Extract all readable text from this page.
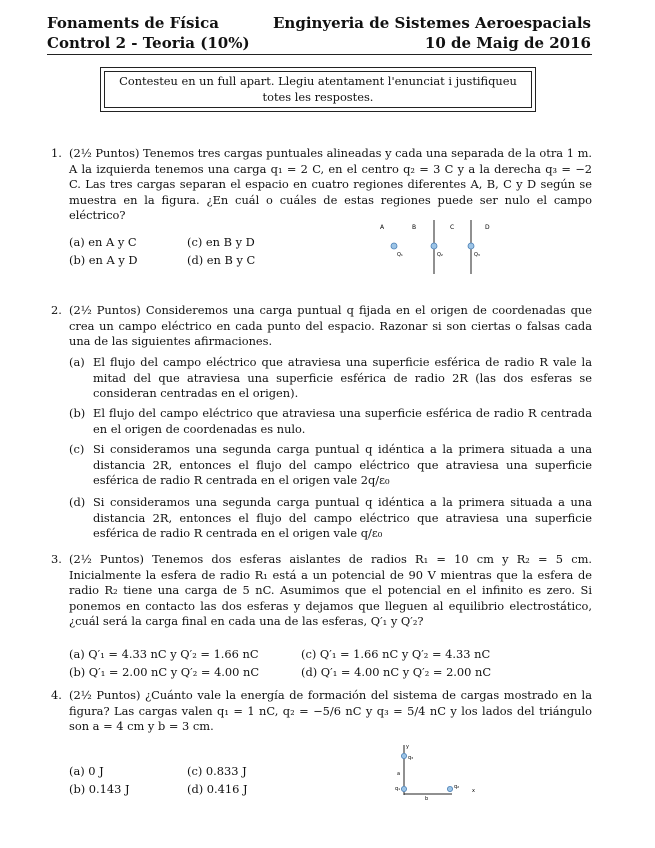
Fonaments de Física
Control 2 - Teoria (10%)
Enginyeria de Sistemes Aeroespacials
10 de Maig de 2016
Contesteu en un full apart. Llegiu atentament l'enunciat i justifiqueu totes les respostes.
1. (2½ Puntos) Tenemos tres cargas puntuales alineadas y cada una separada de la otra 1 m. A la izquierda tenemos una carga q₁ = 2 C, en el centro q₂ = 3 C y a la derecha q₃ = −2 C. Las tres cargas separan el espacio en cuatro regiones diferentes A, B, C y D según se muestra en la figura. ¿En cuál o cuáles de estas regiones puede ser nulo el campo eléctrico?
(a) en A y C	(c) en B y D
(b) en A y D	(d) en B y C
A	B	C	D
Q₁	Q₂	Q₃
2. (2½ Puntos) Consideremos una carga puntual q fijada en el origen de coordenadas que crea un campo eléctrico en cada punto del espacio. Razonar si son ciertas o falsas cada una de las siguientes afirmaciones.
(a) El flujo del campo eléctrico que atraviesa una superficie esférica de radio R vale la mitad del que atraviesa una superficie esférica de radio 2R (las dos esferas se consideran centradas en el origen).
(b) El flujo del campo eléctrico que atraviesa una superficie esférica de radio R centrada en el origen de coordenadas es nulo.
(c) Si consideramos una segunda carga puntual q idéntica a la primera situada a una distancia 2R, entonces el flujo del campo eléctrico que atraviesa una superficie esférica de radio R centrada en el origen vale 2q/ε₀
(d) Si consideramos una segunda carga puntual q idéntica a la primera situada a una distancia 2R, entonces el flujo del campo eléctrico que atraviesa una superficie esférica de radio R centrada en el origen vale q/ε₀
3. (2½ Puntos) Tenemos dos esferas aislantes de radios R₁ = 10 cm y R₂ = 5 cm. Inicialmente la esfera de radio R₁ está a un potencial de 90 V mientras que la esfera de radio R₂ tiene una carga de 5 nC. Asumimos que el potencial en el infinito es zero. Si ponemos en contacto las dos esferas y dejamos que lleguen al equilibrio electrostático, ¿cuál será la carga final en cada una de las esferas, Q′₁ y Q′₂?
(a) Q′₁ = 4.33 nC y Q′₂ = 1.66 nC	(c) Q′₁ = 1.66 nC y Q′₂ = 4.33 nC
(b) Q′₁ = 2.00 nC y Q′₂ = 4.00 nC	(d) Q′₁ = 4.00 nC y Q′₂ = 2.00 nC
4. (2½ Puntos) ¿Cuánto vale la energía de formación del sistema de cargas mostrado en la figura? Las cargas valen q₁ = 1 nC, q₂ = −5/6 nC y q₃ = 5/4 nC y los lados del triángulo son a = 4 cm y b = 3 cm.
(a) 0 J	(c) 0.833 J
(b) 0.143 J	(d) 0.416 J
y
q₃
a
q₁
b
q₂
x
